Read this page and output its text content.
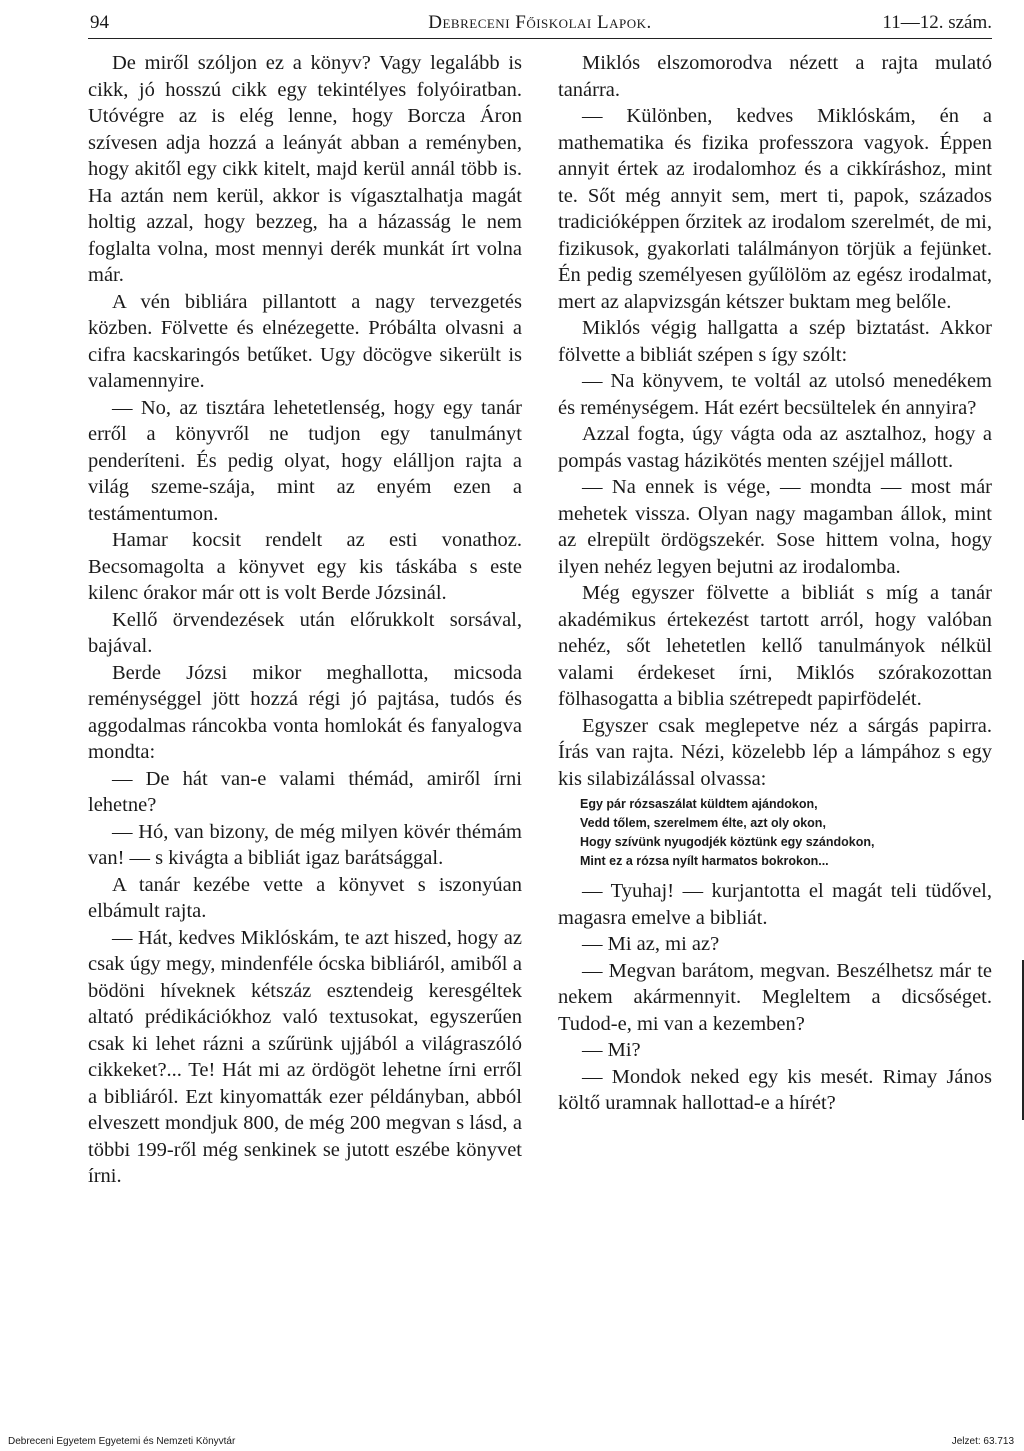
94	Debreceni Főiskolai Lapok.	11—12. szám.

De miről szóljon ez a könyv? Vagy legalább is cikk, jó hosszú cikk egy tekintélyes folyóiratban. Utóvégre az is elég lenne, hogy Borcza Áron szívesen adja hozzá a leányát abban a reményben, hogy akitől egy cikk kitelt, majd kerül annál több is. Ha aztán nem kerül, akkor is vígasztalhatja magát holtig azzal, hogy bezzeg, ha a házasság le nem foglalta volna, most mennyi derék munkát írt volna már.

A vén bibliára pillantott a nagy tervezgetés közben. Fölvette és elnézegette. Próbálta olvasni a cifra kacskaringós betűket. Ugy döcögve sikerült is valamennyire.

— No, az tisztára lehetetlenség, hogy egy tanár erről a könyvről ne tudjon egy tanulmányt penderíteni. És pedig olyat, hogy elálljon rajta a világ szeme-szája, mint az enyém ezen a testámentumon.

Hamar kocsit rendelt az esti vonathoz. Becsomagolta a könyvet egy kis táskába s este kilenc órakor már ott is volt Berde Józsinál.

Kellő örvendezések után előrukkolt sorsával, bajával.

Berde Józsi mikor meghallotta, micsoda reménységgel jött hozzá régi jó pajtása, tudós és aggodalmas ráncokba vonta homlokát és fanyalogva mondta:

— De hát van-e valami thémád, amiről írni lehetne?

— Hó, van bizony, de még milyen kövér thémám van! — s kivágta a bibliát igaz barátsággal.

A tanár kezébe vette a könyvet s iszonyúan elbámult rajta.

— Hát, kedves Miklóskám, te azt hiszed, hogy az csak úgy megy, mindenféle ócska bibliáról, amiből a bödöni híveknek kétszáz esztendeig keresgéltek altató prédikációkhoz való textusokat, egyszerűen csak ki lehet rázni a szűrünk ujjából a világraszóló cikkeket?... Te! Hát mi az ördögöt lehetne írni erről a bibliáról. Ezt kinyomatták ezer példányban, abból elveszett mondjuk 800, de még 200 megvan s lásd, a többi 199-ről még senkinek se jutott eszébe könyvet írni.

Miklós elszomorodva nézett a rajta mulató tanárra.

— Különben, kedves Miklóskám, én a mathematika és fizika professzora vagyok. Éppen annyit értek az irodalomhoz és a cikkíráshoz, mint te. Sőt még annyit sem, mert ti, papok, százados tradicióképpen őrzitek az irodalom szerelmét, de mi, fizikusok, gyakorlati találmányon törjük a fejünket. Én pedig személyesen gyűlölöm az egész irodalmat, mert az alapvizsgán kétszer buktam meg belőle.

Miklós végig hallgatta a szép biztatást. Akkor fölvette a bibliát szépen s így szólt:

— Na könyvem, te voltál az utolsó menedékem és reménységem. Hát ezért becsültelek én annyira?

Azzal fogta, úgy vágta oda az asztalhoz, hogy a pompás vastag házikötés menten széjjel mállott.

— Na ennek is vége, — mondta — most már mehetek vissza. Olyan nagy magamban állok, mint az elrepült ördögszekér. Sose hittem volna, hogy ilyen nehéz legyen bejutni az irodalomba.

Még egyszer fölvette a bibliát s míg a tanár akadémikus értekezést tartott arról, hogy valóban nehéz, sőt lehetetlen kellő tanulmányok nélkül valami érdekeset írni, Miklós szórakozottan fölhasogatta a biblia szétrepedt papirfödelét.

Egyszer csak meglepetve néz a sárgás papirra. Írás van rajta. Nézi, közelebb lép a lámpához s egy kis silabizálással olvassa:

Egy pár rózsaszálat küldtem ajándokon,
Vedd tőlem, szerelmem élte, azt oly okon,
Hogy szívünk nyugodjék köztünk egy szándokon,
Mint ez a rózsa nyílt harmatos bokrokon...

— Tyuhaj! — kurjantotta el magát teli tüdővel, magasra emelve a bibliát.

— Mi az, mi az?

— Megvan barátom, megvan. Beszélhetsz már te nekem akármennyit. Megleltem a dicsőséget. Tudod-e, mi van a kezemben?

— Mi?

— Mondok neked egy kis mesét. Rimay János költő uramnak hallottad-e a hírét?

Debreceni Egyetem Egyetemi és Nemzeti Könyvtár	Jelzet: 63.713
